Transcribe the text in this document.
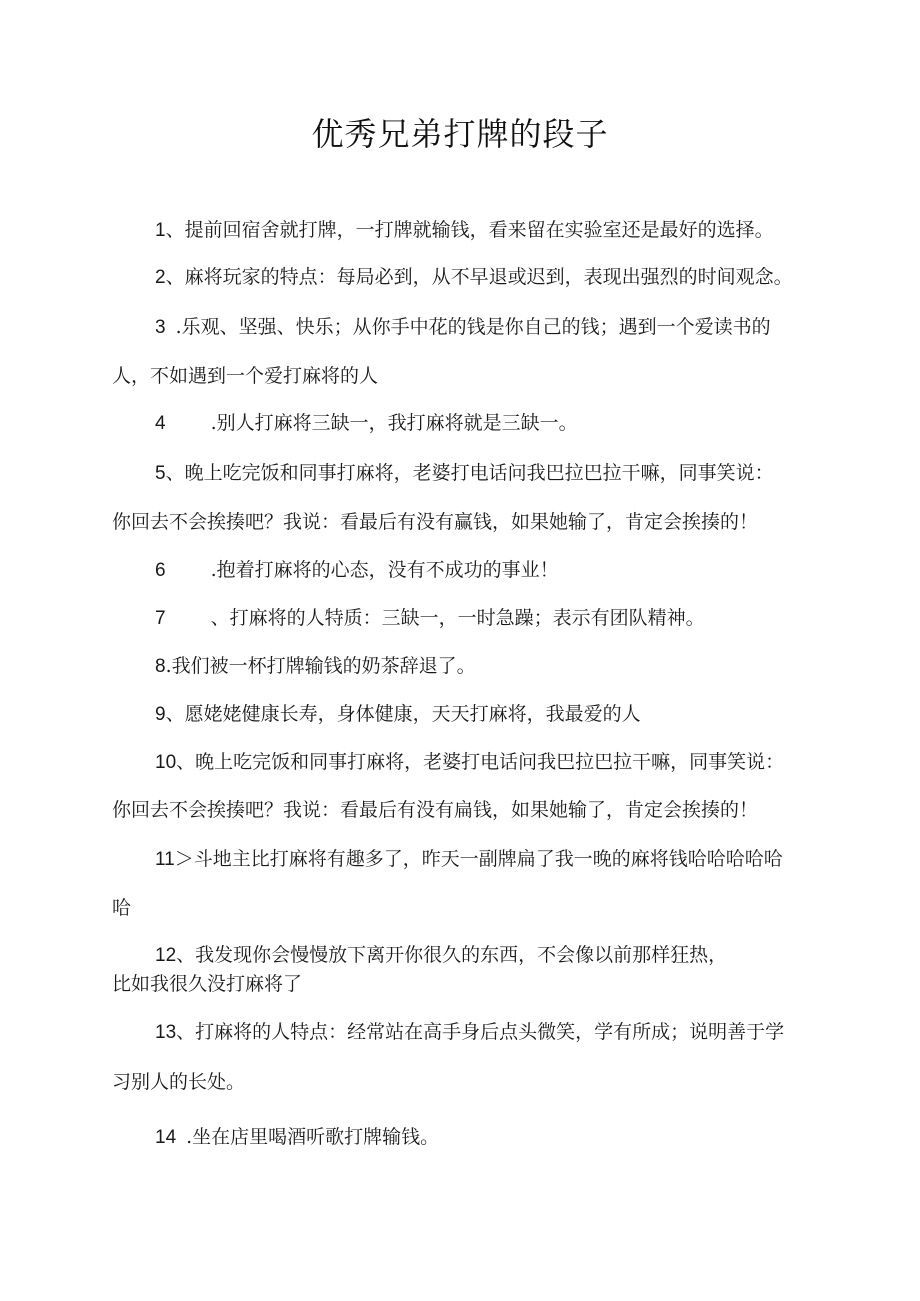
优秀兄弟打牌的段子
1、提前回宿舍就打牌，一打牌就输钱，看来留在实验室还是最好的选择。
2、麻将玩家的特点：每局必到，从不早退或迟到，表现出强烈的时间观念。
3 .乐观、坚强、快乐；从你手中花的钱是你自己的钱；遇到一个爱读书的
人，不如遇到一个爱打麻将的人
4 .别人打麻将三缺一，我打麻将就是三缺一。
5、晚上吃完饭和同事打麻将，老婆打电话问我巴拉巴拉干嘛，同事笑说：
你回去不会挨揍吧？我说：看最后有没有赢钱，如果她输了，肯定会挨揍的！
6 .抱着打麻将的心态，没有不成功的事业！
7 、打麻将的人特质：三缺一，一时急躁；表示有团队精神。
8.我们被一杯打牌输钱的奶茶辞退了。
9、愿姥姥健康长寿，身体健康，天天打麻将，我最爱的人
10、晚上吃完饭和同事打麻将，老婆打电话问我巴拉巴拉干嘛，同事笑说：
你回去不会挨揍吧？我说：看最后有没有扁钱，如果她输了，肯定会挨揍的！
11＞斗地主比打麻将有趣多了，昨天一副牌扁了我一晚的麻将钱哈哈哈哈哈
哈
12、我发现你会慢慢放下离开你很久的东西，不会像以前那样狂热，
比如我很久没打麻将了
13、打麻将的人特点：经常站在高手身后点头微笑，学有所成；说明善于学
习别人的长处。
14 .坐在店里喝酒听歌打牌输钱。
